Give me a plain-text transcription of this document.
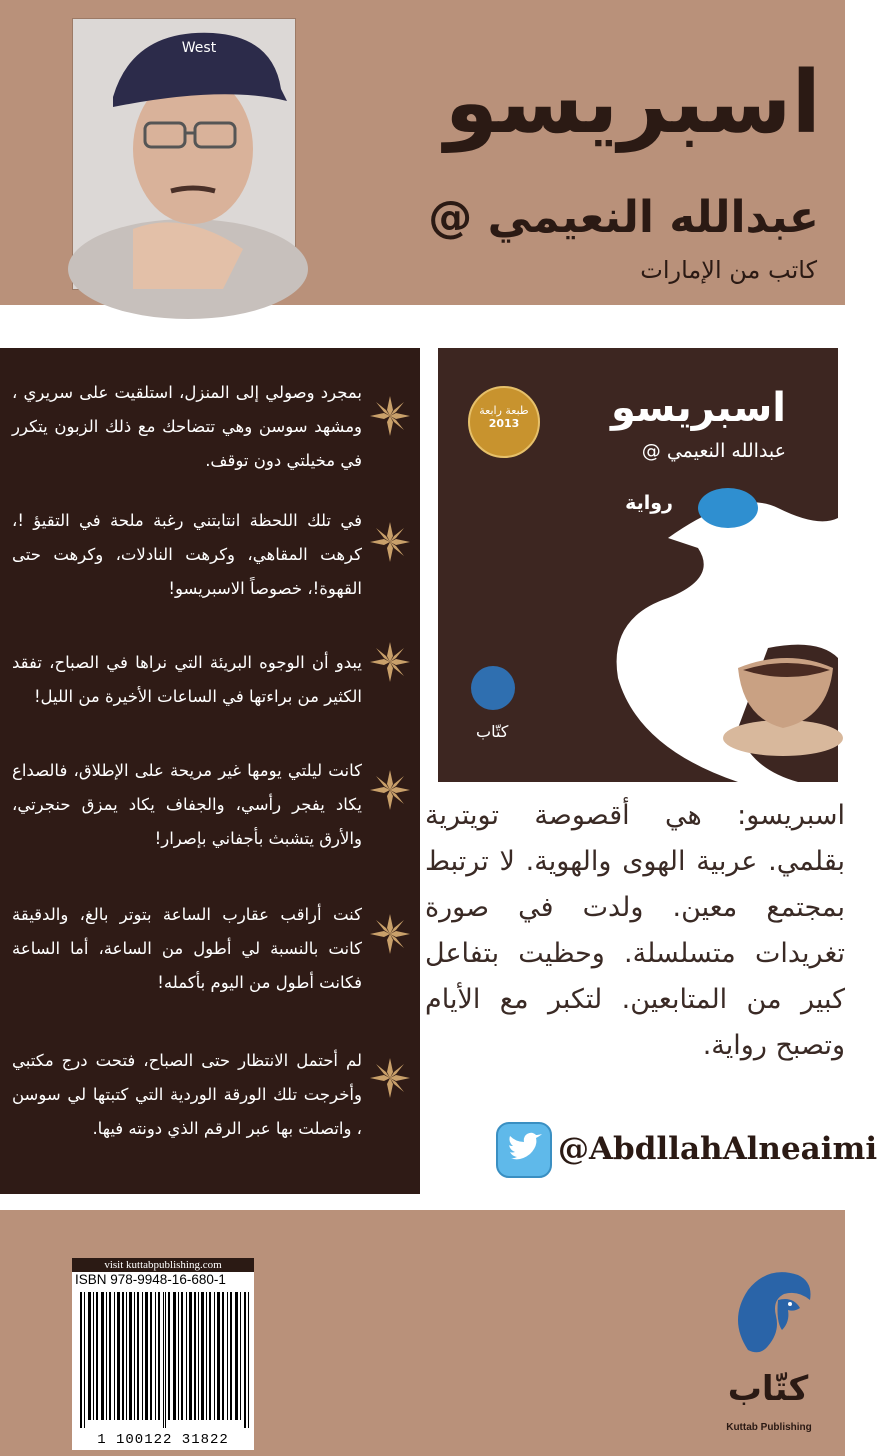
West
اسبريسو
عبدالله النعيمي @
كاتب من الإمارات
بمجرد وصولي إلى المنزل، استلقيت على سريري ، ومشهد سوسن وهي تتضاحك مع ذلك الزبون يتكرر في مخيلتي دون توقف.
في تلك اللحظة انتابتني رغبة ملحة في التقيؤ !، كرهت المقاهي، وكرهت النادلات، وكرهت حتى القهوة!، خصوصاً الاسبريسو!
يبدو أن الوجوه البريئة التي نراها في الصباح، تفقد الكثير من براءتها في الساعات الأخيرة من الليل!
كانت ليلتي يومها غير مريحة على الإطلاق، فالصداع يكاد يفجر رأسي، والجفاف يكاد يمزق حنجرتي، والأرق يتشبث بأجفاني بإصرار!
كنت أراقب عقارب الساعة بتوتر بالغ، والدقيقة كانت بالنسبة لي أطول من الساعة، أما الساعة فكانت أطول من اليوم بأكمله!
لم أحتمل الانتظار حتى الصباح، فتحت درج مكتبي وأخرجت تلك الورقة الوردية التي كتبتها لي سوسن ، واتصلت بها عبر الرقم الذي دونته فيها.
طبعة رابعة
2013	اسبريسو
عبدالله النعيمي @
رواية
كتّاب

اسبريسو: هي أقصوصة تويترية بقلمي. عربية الهوى والهوية. لا ترتبط بمجتمع معين. ولدت في صورة تغريدات متسلسلة. وحظيت بتفاعل كبير من المتابعين. لتكبر مع الأيام وتصبح رواية.

@AbdllahAlneaimi
visit kuttabpublishing.com
ISBN 978-9948-16-680-1
1 100122 31822
كتّاب
Kuttab Publishing
